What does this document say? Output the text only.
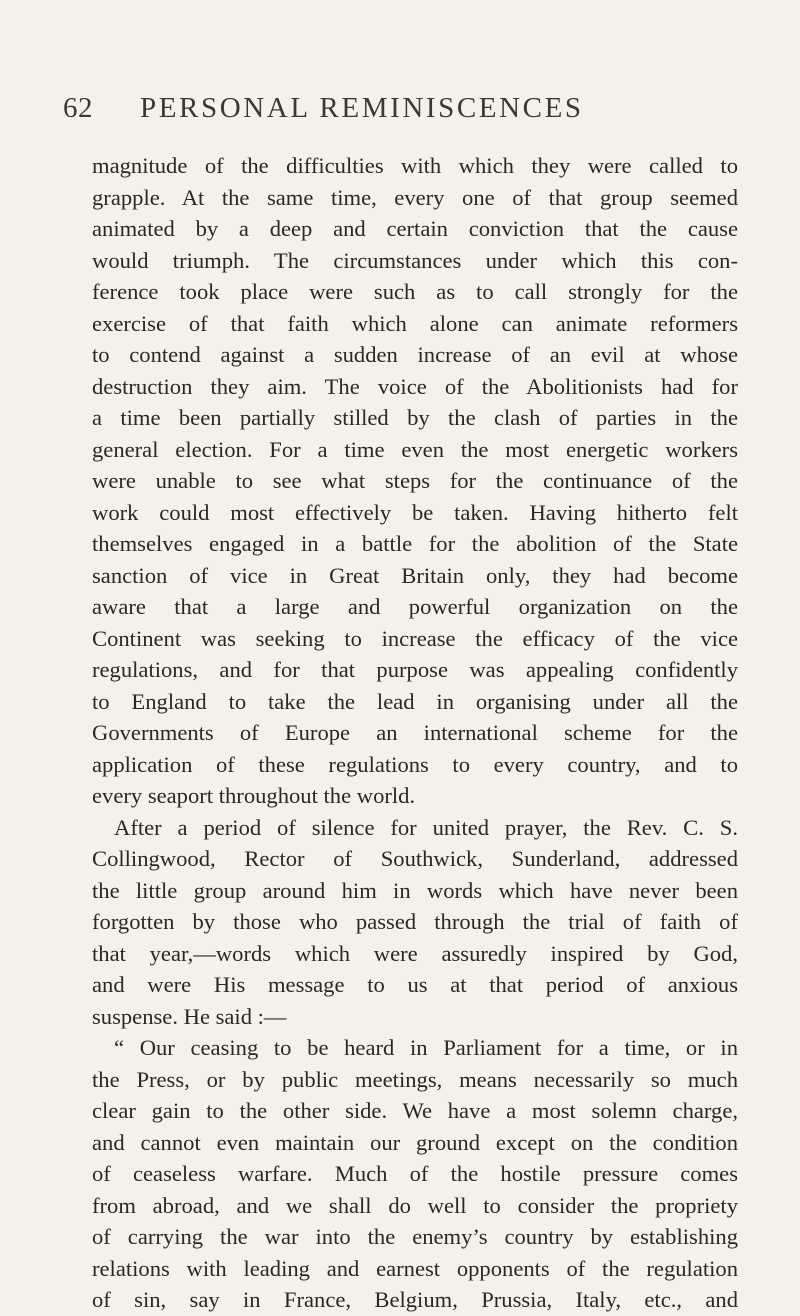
62 PERSONAL REMINISCENCES
magnitude of the difficulties with which they were called to
grapple. At the same time, every one of that group seemed
animated by a deep and certain conviction that the cause
would triumph. The circumstances under which this con-
ference took place were such as to call strongly for the
exercise of that faith which alone can animate reformers
to contend against a sudden increase of an evil at whose
destruction they aim. The voice of the Abolitionists had for
a time been partially stilled by the clash of parties in the
general election. For a time even the most energetic workers
were unable to see what steps for the continuance of the
work could most effectively be taken. Having hitherto felt
themselves engaged in a battle for the abolition of the State
sanction of vice in Great Britain only, they had become
aware that a large and powerful organization on the
Continent was seeking to increase the efficacy of the vice
regulations, and for that purpose was appealing confidently
to England to take the lead in organising under all the
Governments of Europe an international scheme for the
application of these regulations to every country, and to
every seaport throughout the world.
After a period of silence for united prayer, the Rev. C. S.
Collingwood, Rector of Southwick, Sunderland, addressed
the little group around him in words which have never been
forgotten by those who passed through the trial of faith of
that year,—words which were assuredly inspired by God,
and were His message to us at that period of anxious
suspense. He said :—
“ Our ceasing to be heard in Parliament for a time, or in
the Press, or by public meetings, means necessarily so much
clear gain to the other side. We have a most solemn charge,
and cannot even maintain our ground except on the condition
of ceaseless warfare. Much of the hostile pressure comes
from abroad, and we shall do well to consider the propriety
of carrying the war into the enemy’s country by establishing
relations with leading and earnest opponents of the regulation
of sin, say in France, Belgium, Prussia, Italy, etc., and
